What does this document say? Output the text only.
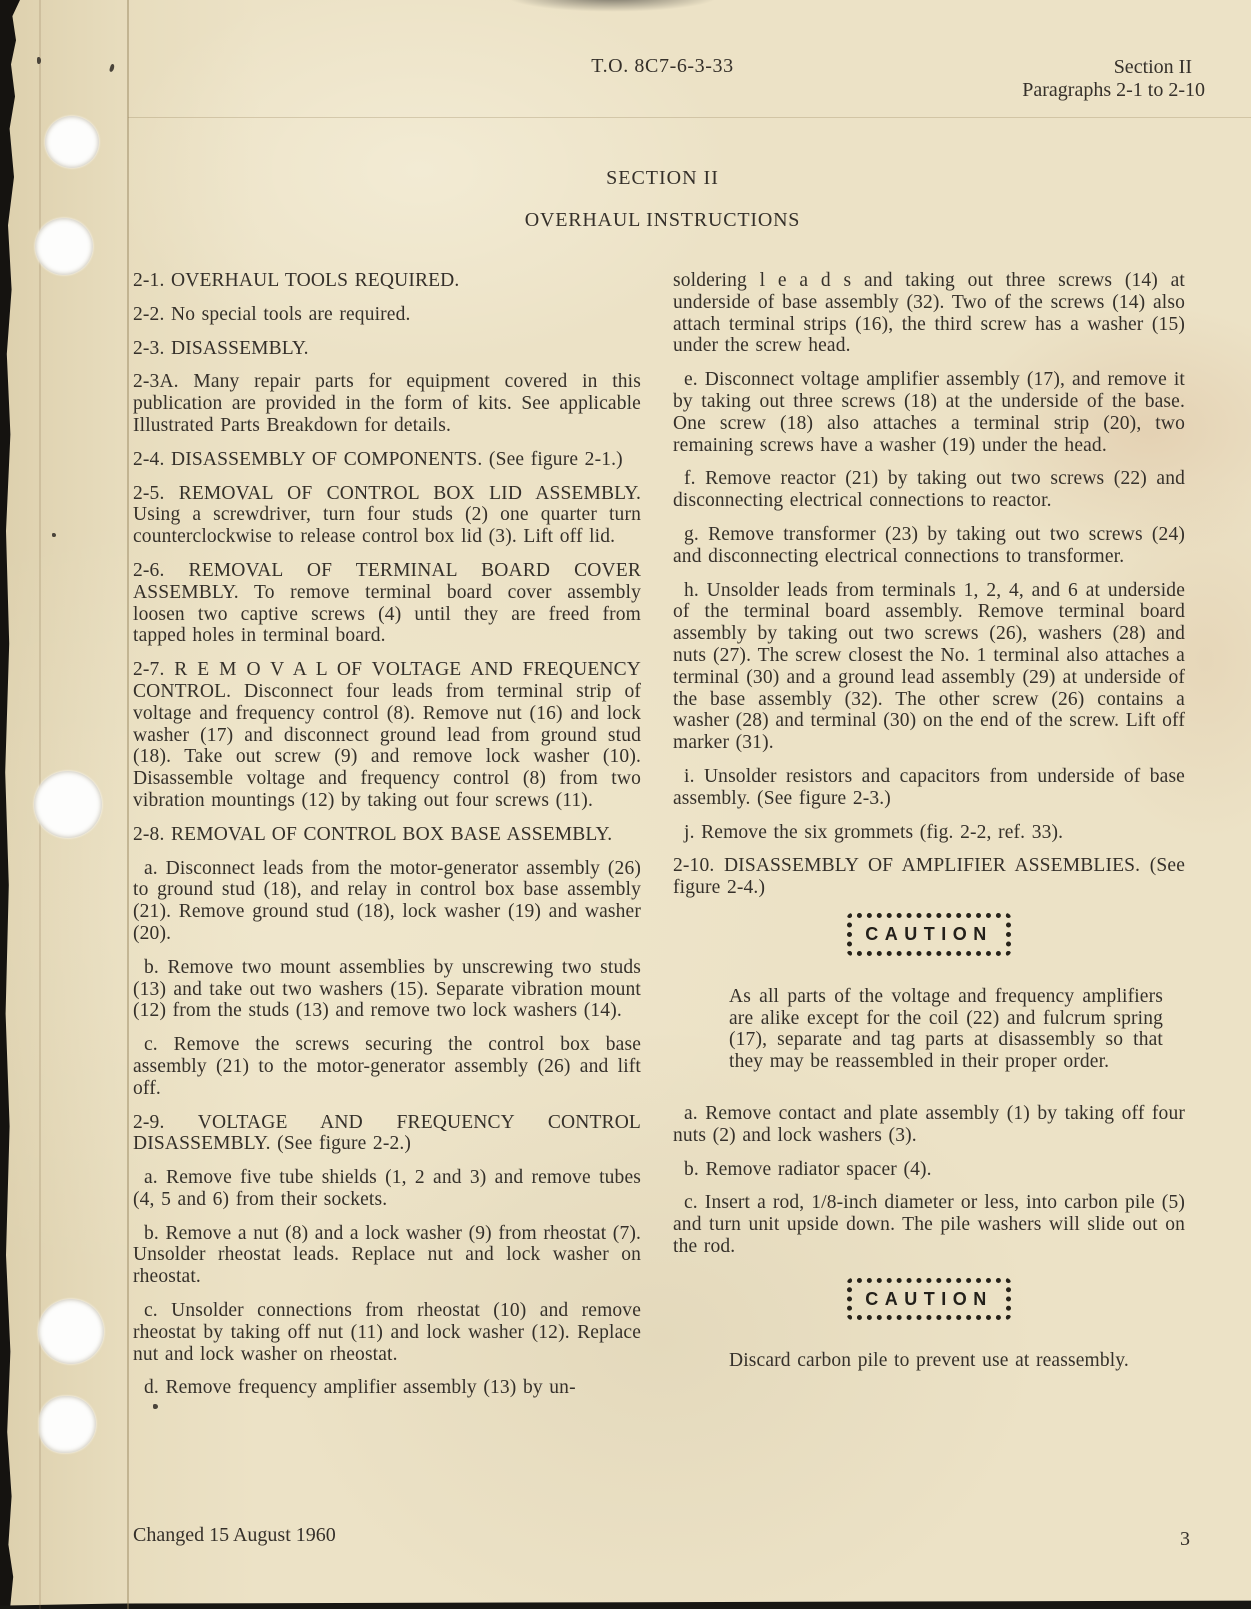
T.O. 8C7-6-3-33	Section II
Paragraphs 2-1 to 2-10
SECTION II
OVERHAUL INSTRUCTIONS

2-1. OVERHAUL TOOLS REQUIRED.

2-2. No special tools are required.

2-3. DISASSEMBLY.

2-3A. Many repair parts for equipment covered in this publication are provided in the form of kits. See applicable Illustrated Parts Breakdown for details.

2-4. DISASSEMBLY OF COMPONENTS. (See figure 2-1.)

2-5. REMOVAL OF CONTROL BOX LID ASSEMBLY. Using a screwdriver, turn four studs (2) one quarter turn counterclockwise to release control box lid (3). Lift off lid.

2-6. REMOVAL OF TERMINAL BOARD COVER ASSEMBLY. To remove terminal board cover assembly loosen two captive screws (4) until they are freed from tapped holes in terminal board.

2-7. R E M O V A L OF VOLTAGE AND FREQUENCY CONTROL. Disconnect four leads from terminal strip of voltage and frequency control (8). Remove nut (16) and lock washer (17) and disconnect ground lead from ground stud (18). Take out screw (9) and remove lock washer (10). Disassemble voltage and frequency control (8) from two vibration mountings (12) by taking out four screws (11).

2-8. REMOVAL OF CONTROL BOX BASE ASSEMBLY.

a. Disconnect leads from the motor-generator assembly (26) to ground stud (18), and relay in control box base assembly (21). Remove ground stud (18), lock washer (19) and washer (20).

b. Remove two mount assemblies by unscrewing two studs (13) and take out two washers (15). Separate vibration mount (12) from the studs (13) and remove two lock washers (14).

c. Remove the screws securing the control box base assembly (21) to the motor-generator assembly (26) and lift off.

2-9. VOLTAGE AND FREQUENCY CONTROL DISASSEMBLY. (See figure 2-2.)

a. Remove five tube shields (1, 2 and 3) and remove tubes (4, 5 and 6) from their sockets.

b. Remove a nut (8) and a lock washer (9) from rheostat (7). Unsolder rheostat leads. Replace nut and lock washer on rheostat.

c. Unsolder connections from rheostat (10) and remove rheostat by taking off nut (11) and lock washer (12). Replace nut and lock washer on rheostat.

d. Remove frequency amplifier assembly (13) by un-

soldering l e a d s and taking out three screws (14) at underside of base assembly (32). Two of the screws (14) also attach terminal strips (16), the third screw has a washer (15) under the screw head.

e. Disconnect voltage amplifier assembly (17), and remove it by taking out three screws (18) at the underside of the base. One screw (18) also attaches a terminal strip (20), two remaining screws have a washer (19) under the head.

f. Remove reactor (21) by taking out two screws (22) and disconnecting electrical connections to reactor.

g. Remove transformer (23) by taking out two screws (24) and disconnecting electrical connections to transformer.

h. Unsolder leads from terminals 1, 2, 4, and 6 at underside of the terminal board assembly. Remove terminal board assembly by taking out two screws (26), washers (28) and nuts (27). The screw closest the No. 1 terminal also attaches a terminal (30) and a ground lead assembly (29) at underside of the base assembly (32). The other screw (26) contains a washer (28) and terminal (30) on the end of the screw. Lift off marker (31).

i. Unsolder resistors and capacitors from underside of base assembly. (See figure 2-3.)

j. Remove the six grommets (fig. 2-2, ref. 33).

2-10. DISASSEMBLY OF AMPLIFIER ASSEMBLIES. (See figure 2-4.)

CAUTION

As all parts of the voltage and frequency amplifiers are alike except for the coil (22) and fulcrum spring (17), separate and tag parts at disassembly so that they may be reassembled in their proper order.

a. Remove contact and plate assembly (1) by taking off four nuts (2) and lock washers (3).

b. Remove radiator spacer (4).

c. Insert a rod, 1/8-inch diameter or less, into carbon pile (5) and turn unit upside down. The pile washers will slide out on the rod.

CAUTION

Discard carbon pile to prevent use at reassembly.

Changed 15 August 1960	3
